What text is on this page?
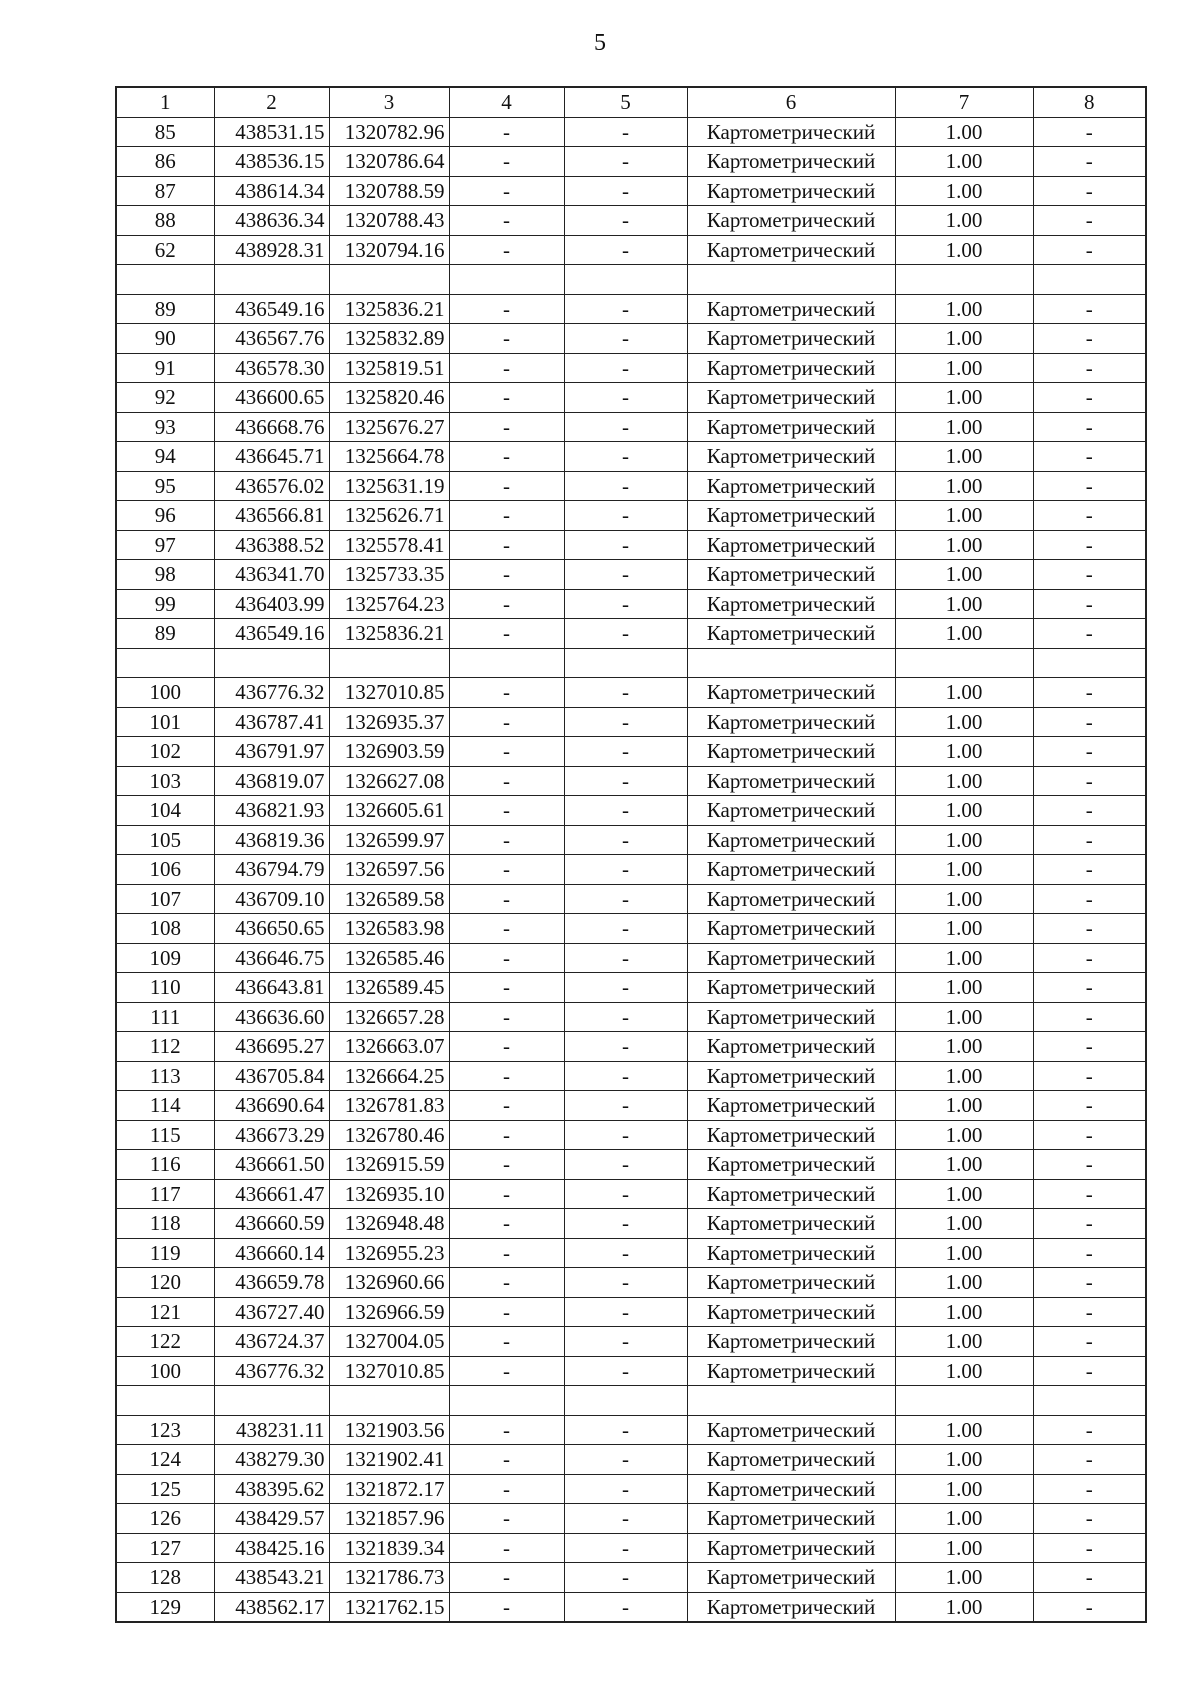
5
1	2	3	4	5	6	7	8
85	438531.15	1320782.96	-	-	Картометрический	1.00	-
86	438536.15	1320786.64	-	-	Картометрический	1.00	-
87	438614.34	1320788.59	-	-	Картометрический	1.00	-
88	438636.34	1320788.43	-	-	Картометрический	1.00	-
62	438928.31	1320794.16	-	-	Картометрический	1.00	-

89	436549.16	1325836.21	-	-	Картометрический	1.00	-
90	436567.76	1325832.89	-	-	Картометрический	1.00	-
91	436578.30	1325819.51	-	-	Картометрический	1.00	-
92	436600.65	1325820.46	-	-	Картометрический	1.00	-
93	436668.76	1325676.27	-	-	Картометрический	1.00	-
94	436645.71	1325664.78	-	-	Картометрический	1.00	-
95	436576.02	1325631.19	-	-	Картометрический	1.00	-
96	436566.81	1325626.71	-	-	Картометрический	1.00	-
97	436388.52	1325578.41	-	-	Картометрический	1.00	-
98	436341.70	1325733.35	-	-	Картометрический	1.00	-
99	436403.99	1325764.23	-	-	Картометрический	1.00	-
89	436549.16	1325836.21	-	-	Картометрический	1.00	-

100	436776.32	1327010.85	-	-	Картометрический	1.00	-
101	436787.41	1326935.37	-	-	Картометрический	1.00	-
102	436791.97	1326903.59	-	-	Картометрический	1.00	-
103	436819.07	1326627.08	-	-	Картометрический	1.00	-
104	436821.93	1326605.61	-	-	Картометрический	1.00	-
105	436819.36	1326599.97	-	-	Картометрический	1.00	-
106	436794.79	1326597.56	-	-	Картометрический	1.00	-
107	436709.10	1326589.58	-	-	Картометрический	1.00	-
108	436650.65	1326583.98	-	-	Картометрический	1.00	-
109	436646.75	1326585.46	-	-	Картометрический	1.00	-
110	436643.81	1326589.45	-	-	Картометрический	1.00	-
111	436636.60	1326657.28	-	-	Картометрический	1.00	-
112	436695.27	1326663.07	-	-	Картометрический	1.00	-
113	436705.84	1326664.25	-	-	Картометрический	1.00	-
114	436690.64	1326781.83	-	-	Картометрический	1.00	-
115	436673.29	1326780.46	-	-	Картометрический	1.00	-
116	436661.50	1326915.59	-	-	Картометрический	1.00	-
117	436661.47	1326935.10	-	-	Картометрический	1.00	-
118	436660.59	1326948.48	-	-	Картометрический	1.00	-
119	436660.14	1326955.23	-	-	Картометрический	1.00	-
120	436659.78	1326960.66	-	-	Картометрический	1.00	-
121	436727.40	1326966.59	-	-	Картометрический	1.00	-
122	436724.37	1327004.05	-	-	Картометрический	1.00	-
100	436776.32	1327010.85	-	-	Картометрический	1.00	-

123	438231.11	1321903.56	-	-	Картометрический	1.00	-
124	438279.30	1321902.41	-	-	Картометрический	1.00	-
125	438395.62	1321872.17	-	-	Картометрический	1.00	-
126	438429.57	1321857.96	-	-	Картометрический	1.00	-
127	438425.16	1321839.34	-	-	Картометрический	1.00	-
128	438543.21	1321786.73	-	-	Картометрический	1.00	-
129	438562.17	1321762.15	-	-	Картометрический	1.00	-
